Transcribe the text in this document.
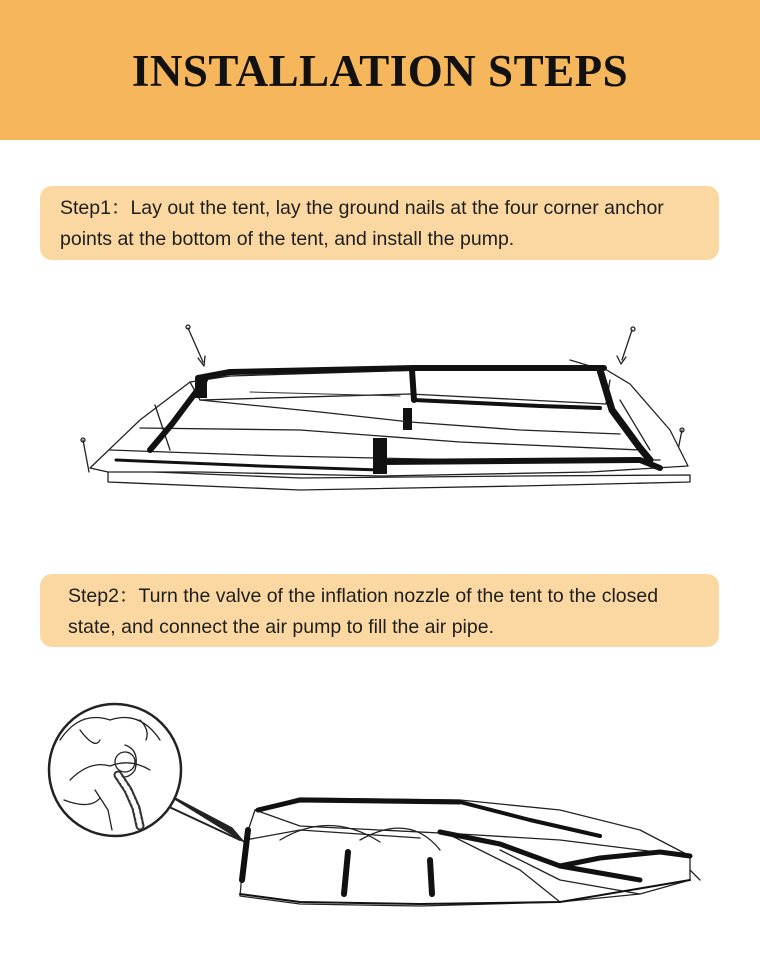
INSTALLATION STEPS
Step1：Lay out the tent, lay the ground nails at the four corner anchor points at the bottom of the tent, and install the pump.
Step2：Turn the valve of the inflation nozzle of the tent to the closed state, and connect the air pump to fill the air pipe.
